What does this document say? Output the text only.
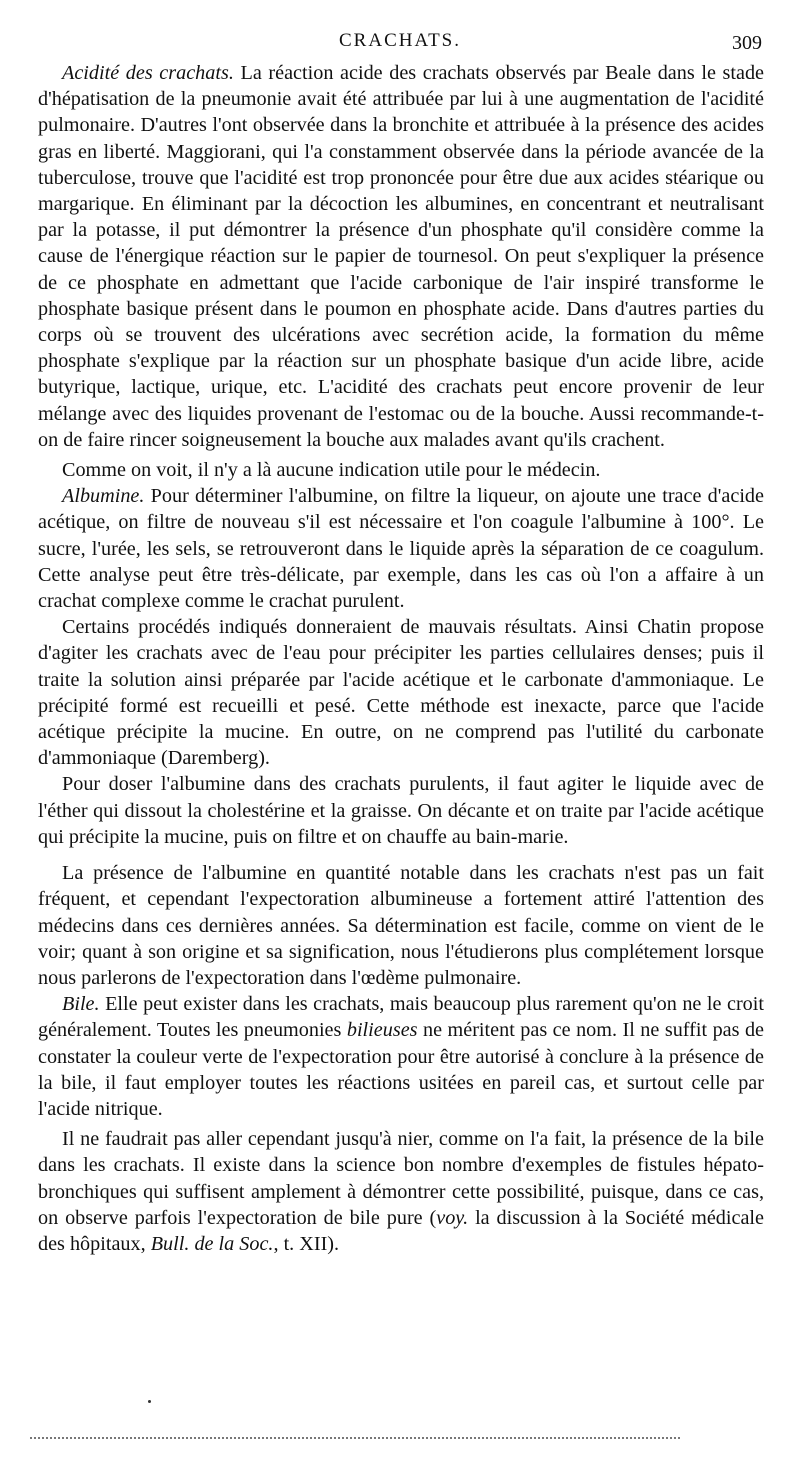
CRACHATS.	309

Acidité des crachats. La réaction acide des crachats observés par Beale dans le stade d'hépatisation de la pneumonie avait été attribuée par lui à une augmentation de l'acidité pulmonaire. D'autres l'ont observée dans la bronchite et attribuée à la présence des acides gras en liberté. Maggiorani, qui l'a constamment observée dans la période avancée de la tuberculose, trouve que l'acidité est trop prononcée pour être due aux acides stéarique ou margarique. En éliminant par la décoction les albumines, en concentrant et neutralisant par la potasse, il put démontrer la présence d'un phosphate qu'il considère comme la cause de l'énergique réaction sur le papier de tournesol. On peut s'expliquer la présence de ce phosphate en admettant que l'acide carbonique de l'air inspiré transforme le phosphate basique présent dans le poumon en phosphate acide. Dans d'autres parties du corps où se trouvent des ulcérations avec secrétion acide, la formation du même phosphate s'explique par la réaction sur un phosphate basique d'un acide libre, acide butyrique, lactique, urique, etc. L'acidité des crachats peut encore provenir de leur mélange avec des liquides provenant de l'estomac ou de la bouche. Aussi recommande-t-on de faire rincer soigneusement la bouche aux malades avant qu'ils crachent.

Comme on voit, il n'y a là aucune indication utile pour le médecin.

Albumine. Pour déterminer l'albumine, on filtre la liqueur, on ajoute une trace d'acide acétique, on filtre de nouveau s'il est nécessaire et l'on coagule l'albumine à 100°. Le sucre, l'urée, les sels, se retrouveront dans le liquide après la séparation de ce coagulum. Cette analyse peut être très-délicate, par exemple, dans les cas où l'on a affaire à un crachat complexe comme le crachat purulent.

Certains procédés indiqués donneraient de mauvais résultats. Ainsi Chatin propose d'agiter les crachats avec de l'eau pour précipiter les parties cellulaires denses; puis il traite la solution ainsi préparée par l'acide acétique et le carbonate d'ammoniaque. Le précipité formé est recueilli et pesé. Cette méthode est inexacte, parce que l'acide acétique précipite la mucine. En outre, on ne comprend pas l'utilité du carbonate d'ammoniaque (Daremberg).

Pour doser l'albumine dans des crachats purulents, il faut agiter le liquide avec de l'éther qui dissout la cholestérine et la graisse. On décante et on traite par l'acide acétique qui précipite la mucine, puis on filtre et on chauffe au bain-marie.

La présence de l'albumine en quantité notable dans les crachats n'est pas un fait fréquent, et cependant l'expectoration albumineuse a fortement attiré l'attention des médecins dans ces dernières années. Sa détermination est facile, comme on vient de le voir; quant à son origine et sa signification, nous l'étudierons plus complétement lorsque nous parlerons de l'expectoration dans l'œdème pulmonaire.

Bile. Elle peut exister dans les crachats, mais beaucoup plus rarement qu'on ne le croit généralement. Toutes les pneumonies bilieuses ne méritent pas ce nom. Il ne suffit pas de constater la couleur verte de l'expectoration pour être autorisé à conclure à la présence de la bile, il faut employer toutes les réactions usitées en pareil cas, et surtout celle par l'acide nitrique.

Il ne faudrait pas aller cependant jusqu'à nier, comme on l'a fait, la présence de la bile dans les crachats. Il existe dans la science bon nombre d'exemples de fistules hépato-bronchiques qui suffisent amplement à démontrer cette possibilité, puisque, dans ce cas, on observe parfois l'expectoration de bile pure (voy. la discussion à la Société médicale des hôpitaux, Bull. de la Soc., t. XII).
